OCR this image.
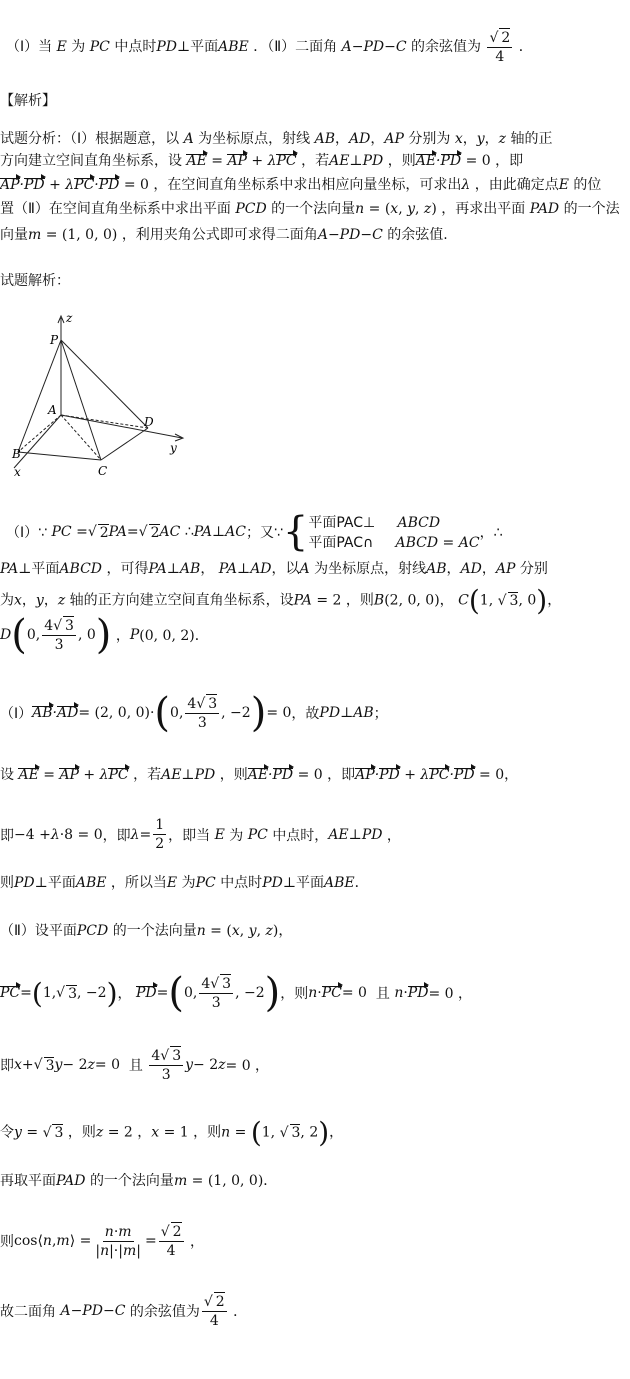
（Ⅰ）当 E 为 PC 中点时PD⊥平面ABE ．（Ⅱ）二面角 A−PD−C 的余弦值为 √ $\frac{2}{4}$ ．
【解析】
试题分析：（Ⅰ）根据题意，以 A 为坐标原点，射线 AB，AD，AP 分别为 x，y，z 轴的正
方向建立空间直角坐标系，设 AE = AP + λPC ，若AE⊥PD ，则AE·PD = 0 ，即
AP·PD + λPC·PD = 0 ，在空间直角坐标系中求出相应向量坐标，可求出λ ，由此确定点E 的位
置（Ⅱ）在空间直角坐标系中求出平面 PCD 的一个法向量n = (x, y, z) ，再求出平面 PAD 的一个法
向量m = (1, 0, 0) ，利用夹角公式即可求得二面角A−PD−C 的余弦值.
试题解析：
z
P
A
D
y
B
C
x
（Ⅰ）∵ PC = √ 2 PA = √ 2 AC
∴ PA ⊥ AC ；又∵ { 平面PAC⊥ ABCD
平面PAC∩ ABCD = AC
，∴
PA⊥平面ABCD ，可得PA⊥AB， PA⊥AD，以A 为坐标原点，射线AB，AD，AP 分别
为x，y，z 轴的正方向建立空间直角坐标系，设PA = 2 ，则B(2, 0, 0)， C(1, √ 3, 0)，
D ( 0, $\frac{4 √ 3}{3}$ , 0 ) ， P (0, 0, 2)．
（Ⅰ） AB·AD = (2, 0, 0)· ( 0, $\frac{4 √ 3}{3}$ , −2 ) = 0 ，故 PD ⊥ AB ；
设 AE = AP + λPC ，若AE⊥PD ，则AE·PD = 0 ，即AP·PD + λPC·PD = 0，
即 −4 + λ ·8 = 0 ，即 $\lambda = \frac{1}{2}$ ，即当 E 为 PC 中点时， AE ⊥ PD ，
则PD⊥平面ABE ，所以当E 为PC 中点时PD⊥平面ABE．
（Ⅱ）设平面PCD 的一个法向量n = (x, y, z)，
PC = ( 1, √ 3 , −2 ) ， PD = ( 0, $\frac{4 √ 3}{3}$ , −2 ) ，则 n · PC = 0 且
n · PD = 0 ，
即 x + √ 3 y − 2 z = 0 且
$\frac{4 √ 3}{3}$ y − 2 z = 0 ，
令y = √ 3 ，则z = 2 ，x = 1 ，则n = (1, √ 3, 2)，
再取平面PAD 的一个法向量m = (1, 0, 0)．
则 cos⟨ n , m ⟩ = $\frac{n\cdot m}{|n|\cdot|m|}$ = √ $\frac{2}{4}$ ，
故二面角 A − PD − C 的余弦值为 √ $\frac{2}{4}$ ．
